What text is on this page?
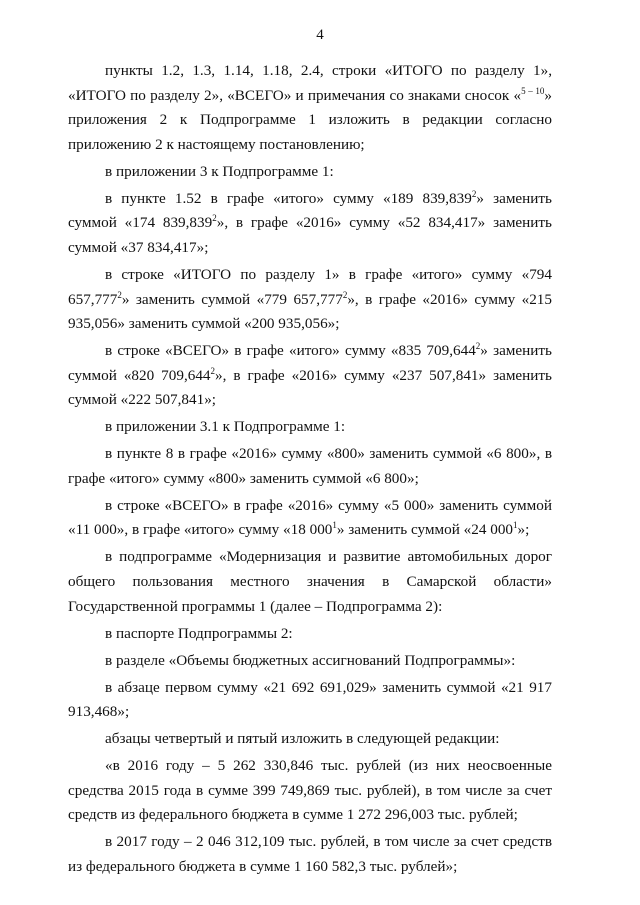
4

пункты 1.2, 1.3, 1.14, 1.18, 2.4, строки «ИТОГО по разделу 1», «ИТОГО по разделу 2», «ВСЕГО» и примечания со знаками сносок «$^{5 - 10}$» приложения 2 к Подпрограмме 1 изложить в редакции согласно приложению 2 к настоящему постановлению;

в приложении 3 к Подпрограмме 1:

в пункте 1.52 в графе «итого» сумму «189 839,839$^2$» заменить суммой «174 839,839$^2$», в графе «2016» сумму «52 834,417» заменить суммой «37 834,417»;

в строке «ИТОГО по разделу 1» в графе «итого» сумму «794 657,777$^2$» заменить суммой «779 657,777$^2$», в графе «2016» сумму «215 935,056» заменить суммой «200 935,056»;

в строке «ВСЕГО» в графе «итого» сумму «835 709,644$^2$» заменить суммой «820 709,644$^2$», в графе «2016» сумму «237 507,841» заменить суммой «222 507,841»;

в приложении 3.1 к Подпрограмме 1:

в пункте 8 в графе «2016» сумму «800» заменить суммой «6 800», в графе «итого» сумму «800» заменить суммой «6 800»;

в строке «ВСЕГО» в графе «2016» сумму «5 000» заменить суммой «11 000», в графе «итого» сумму «18 $000^1$» заменить суммой «24 $000^1$»;

в подпрограмме «Модернизация и развитие автомобильных дорог общего пользования местного значения в Самарской области» Государственной программы 1 (далее – Подпрограмма 2):

в паспорте Подпрограммы 2:

в разделе «Объемы бюджетных ассигнований Подпрограммы»:

в абзаце первом сумму «21 692 691,029» заменить суммой «21 917 913,468»;

абзацы четвертый и пятый изложить в следующей редакции:

«в 2016 году – 5 262 330,846 тыс. рублей (из них неосвоенные средства 2015 года в сумме 399 749,869 тыс. рублей), в том числе за счет средств из федерального бюджета в сумме 1 272 296,003 тыс. рублей;

в 2017 году – 2 046 312,109 тыс. рублей, в том числе за счет средств из федерального бюджета в сумме 1 160 582,3 тыс. рублей»;
